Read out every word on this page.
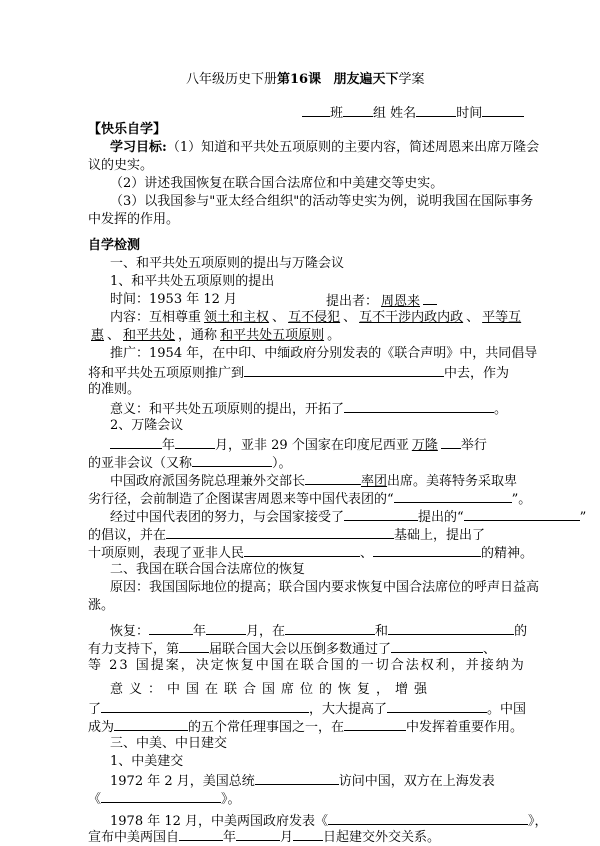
八年级历史下册第16课 朋友遍天下学案
班 组 姓名	时间
【快乐自学】
学习目标:（1）知道和平共处五项原则的主要内容，简述周恩来出席万隆会
议的史实。
（2）讲述我国恢复在联合国合法席位和中美建交等史实。
（3）以我国参与"亚太经合组织"的活动等史实为例，说明我国在国际事务
中发挥的作用。
自学检测
一、和平共处五项原则的提出与万隆会议
1、和平共处五项原则的提出
时间：1953 年 12 月	提出者： 周恩来
内容：互相尊重 领土和主权 、 互不侵犯 、 互不干涉内政内政 、 平等互
惠 、 和平共处 ，通称 和平共处五项原则 。
推广：1954 年，在中印、中缅政府分别发表的《联合声明》中，共同倡导
将和平共处五项原则推广到	中去，作为
的准则。
意义：和平共处五项原则的提出，开拓了	。
2、万隆会议
年	月，亚非 29 个国家在印度尼西亚 万隆 举行
的亚非会议（又称	）。
中国政府派国务院总理兼外交部长	率团出席。美蒋特务采取卑
劣行径，会前制造了企图谋害周恩来等中国代表团的“	”。
经过中国代表团的努力，与会国家接受了	提出的“	”
的倡议，并在	基础上，提出了
十项原则，表现了亚非人民	、	的精神。
二、我国在联合国合法席位的恢复
原因：我国国际地位的提高；联合国内要求恢复中国合法席位的呼声日益高
涨。
恢复：	年	月，在	和	的
有力支持下，第 届联合国大会以压倒多数通过了	、
等 23 国提案，决定恢复中国在联合国的一切合法权利，并接纳为
意义：中国在联合国席位的恢复，增强
了	，大大提高了	。中国
成为	的五个常任理事国之一，在	中发挥着重要作用。
三、中美、中日建交
1、中美建交
1972 年 2 月，美国总统	访问中国，双方在上海发表
《	》。
1978 年 12 月，中美两国政府发表《	》，
宣布中美两国自	年	月 日起建交外交关系。
